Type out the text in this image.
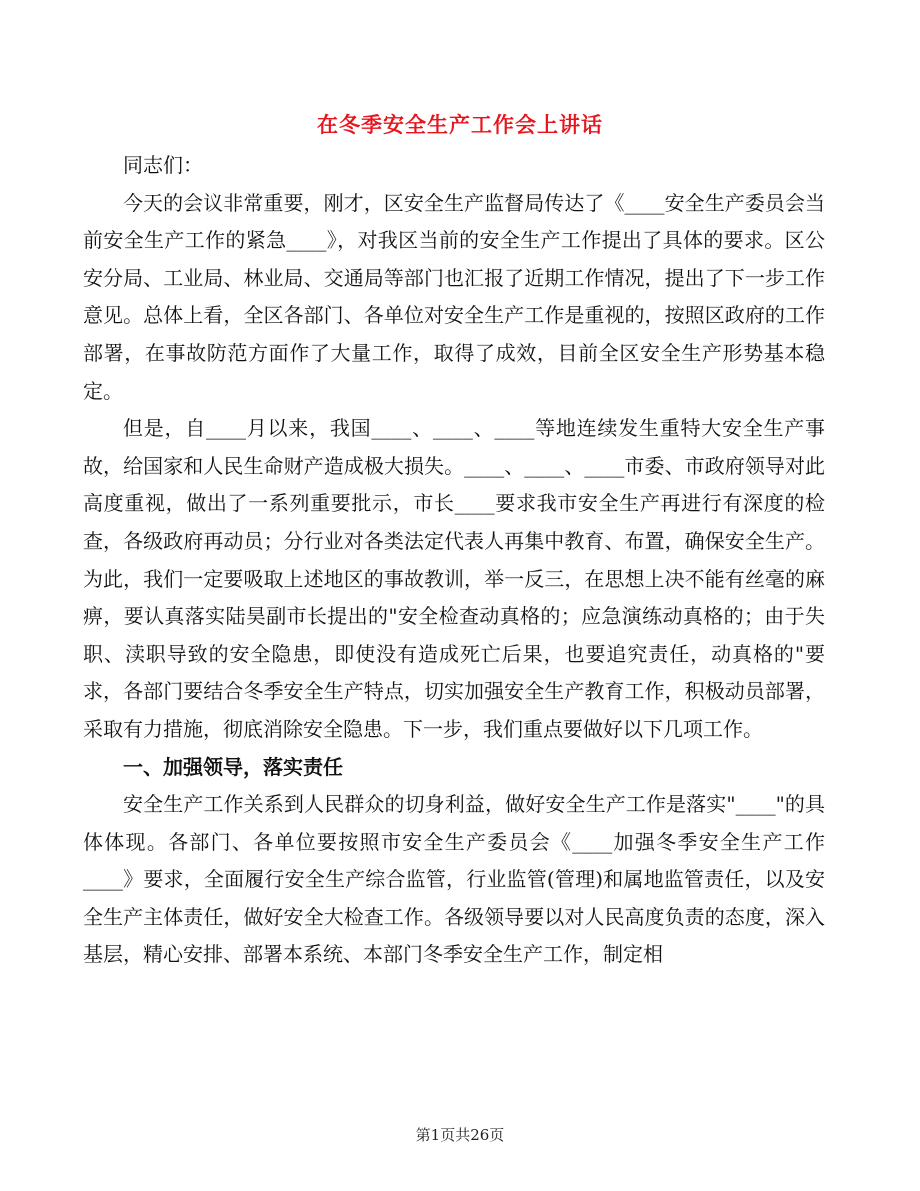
在冬季安全生产工作会上讲话

同志们：

今天的会议非常重要，刚才，区安全生产监督局传达了《____安全生产委员会当前安全生产工作的紧急____》，对我区当前的安全生产工作提出了具体的要求。区公安分局、工业局、林业局、交通局等部门也汇报了近期工作情况，提出了下一步工作意见。总体上看，全区各部门、各单位对安全生产工作是重视的，按照区政府的工作部署，在事故防范方面作了大量工作，取得了成效，目前全区安全生产形势基本稳定。

但是，自____月以来，我国____、____、____等地连续发生重特大安全生产事故，给国家和人民生命财产造成极大损失。____、____、____市委、市政府领导对此高度重视，做出了一系列重要批示，市长____要求我市安全生产再进行有深度的检查，各级政府再动员；分行业对各类法定代表人再集中教育、布置，确保安全生产。为此，我们一定要吸取上述地区的事故教训，举一反三，在思想上决不能有丝毫的麻痹，要认真落实陆昊副市长提出的"安全检查动真格的；应急演练动真格的；由于失职、渎职导致的安全隐患，即使没有造成死亡后果，也要追究责任，动真格的"要求，各部门要结合冬季安全生产特点，切实加强安全生产教育工作，积极动员部署，采取有力措施，彻底消除安全隐患。下一步，我们重点要做好以下几项工作。

一、加强领导，落实责任

安全生产工作关系到人民群众的切身利益，做好安全生产工作是落实"____"的具体体现。各部门、各单位要按照市安全生产委员会《____加强冬季安全生产工作____》要求，全面履行安全生产综合监管，行业监管(管理)和属地监管责任，以及安全生产主体责任，做好安全大检查工作。各级领导要以对人民高度负责的态度，深入基层，精心安排、部署本系统、本部门冬季安全生产工作，制定相

第1页共26页
